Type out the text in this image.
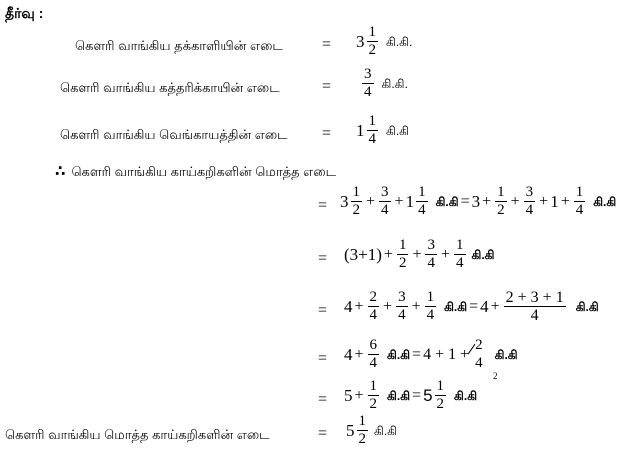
தீர்வு :
கௌரி வாங்கிய தக்காளியின் எடை = $3 \frac{1}{2}$ கி.கி.
கௌரி வாங்கிய கத்தரிக்காயின் எடை	= $\frac{3}{4}$ கி.கி.
கௌரி வாங்கிய வெங்காயத்தின் எடை = $1 \frac{1}{4}$ கி.கி
∴ கௌரி வாங்கிய காய்கறிகளின் மொத்த எடை
= $3 \frac{1}{2} + \frac{3}{4} + 1 \frac{1}{4}$ கி.கி = $3 + \frac{1}{2} + \frac{3}{4} + 1 + \frac{1}{4}$ கி.கி
= $(3+1) + \frac{1}{2} + \frac{3}{4} + \frac{1}{4}$ கி.கி
= $4 + \frac{2}{4} + \frac{3}{4} + \frac{1}{4}$ கி.கி = $4 + \frac{2 + 3 + 1}{4}$ கி.கி
= $4 + \frac{6}{4}$ கி.கி = 4 + 1 +
2
4
கி.கி
2
= $5 + \frac{1}{2}$ கி.கி = $5 \frac{1}{2}$ கி.கி
கௌரி வாங்கிய மொத்த காய்கறிகளின் எடை	= $5 \frac{1}{2}$ கி.கி
